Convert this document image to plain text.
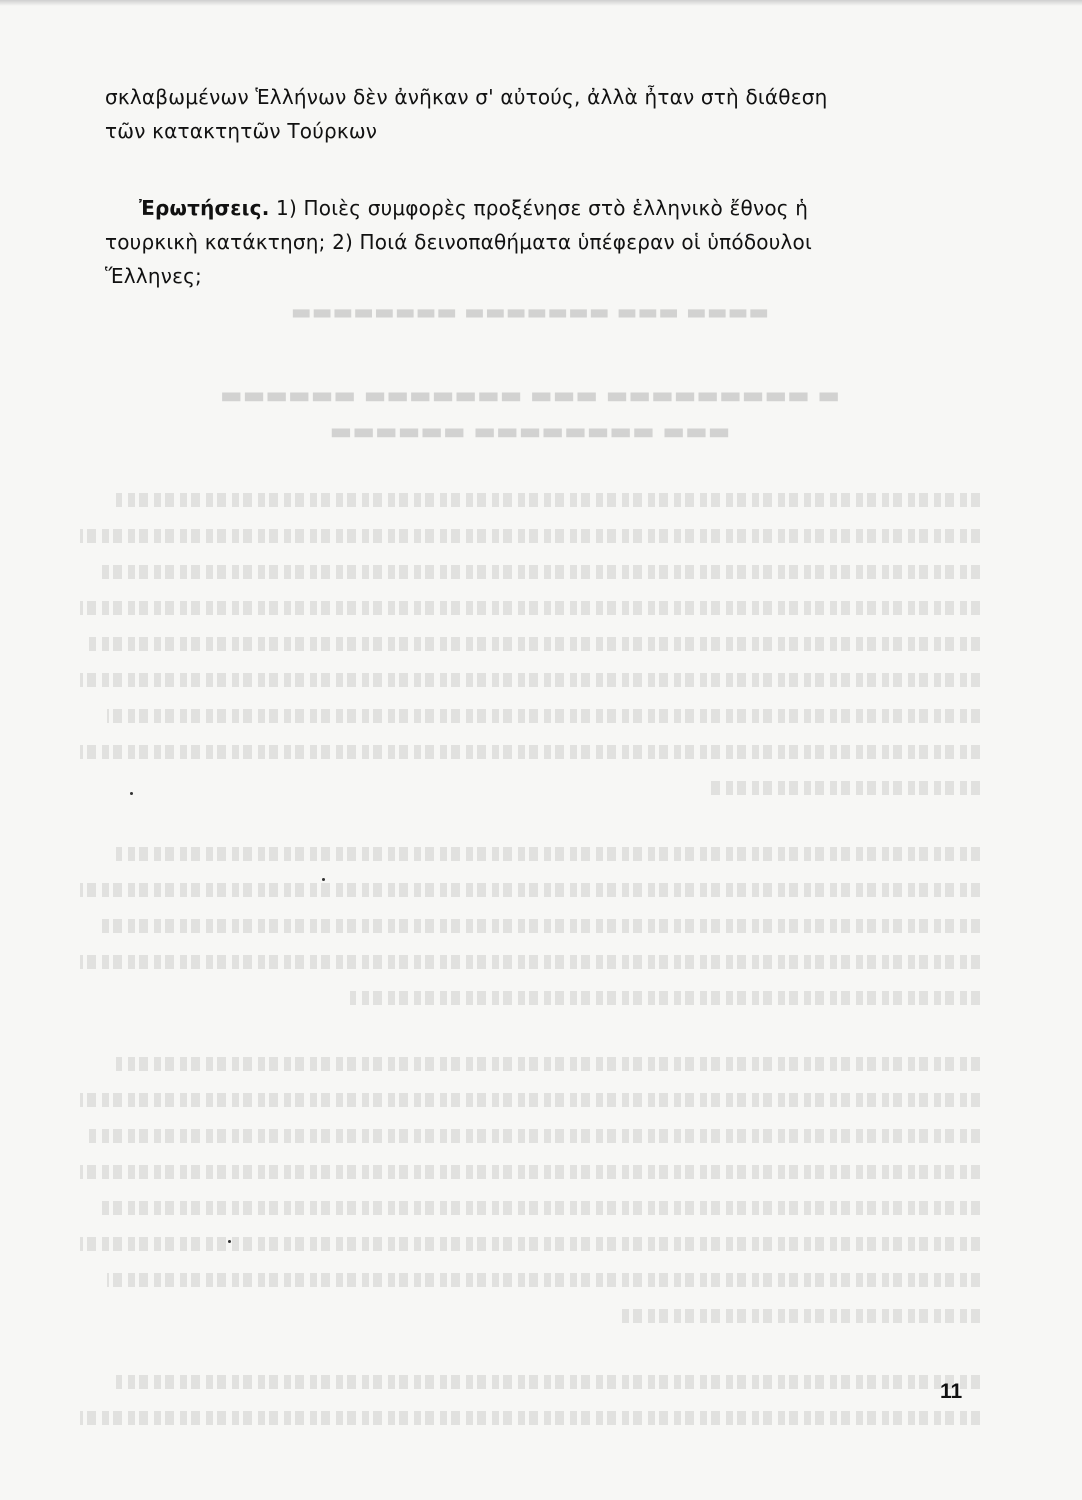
▬▬▬▬ ▬▬▬ ▬▬▬▬▬▬▬ ▬▬▬▬▬▬▬▬
▬ ▬▬▬▬▬▬▬▬▬ ▬▬▬ ▬▬▬▬▬▬▬ ▬▬▬▬▬▬
▬▬▬ ▬▬▬▬▬▬▬▬ ▬▬▬▬▬▬
σκλαβωμένων Ἑλλήνων δὲν ἀνῆκαν σ' αὐτούς, ἀλλὰ ἦταν στὴ διάθεση
τῶν κατακτητῶν Τούρκων
Ἐρωτήσεις. 1) Ποιὲς συμφορὲς προξένησε στὸ ἑλληνικὸ ἔθνος ἡ
τουρκικὴ κατάκτηση; 2) Ποιά δεινοπαθήματα ὑπέφεραν οἱ ὑπόδουλοι
Ἕλληνες;
11
